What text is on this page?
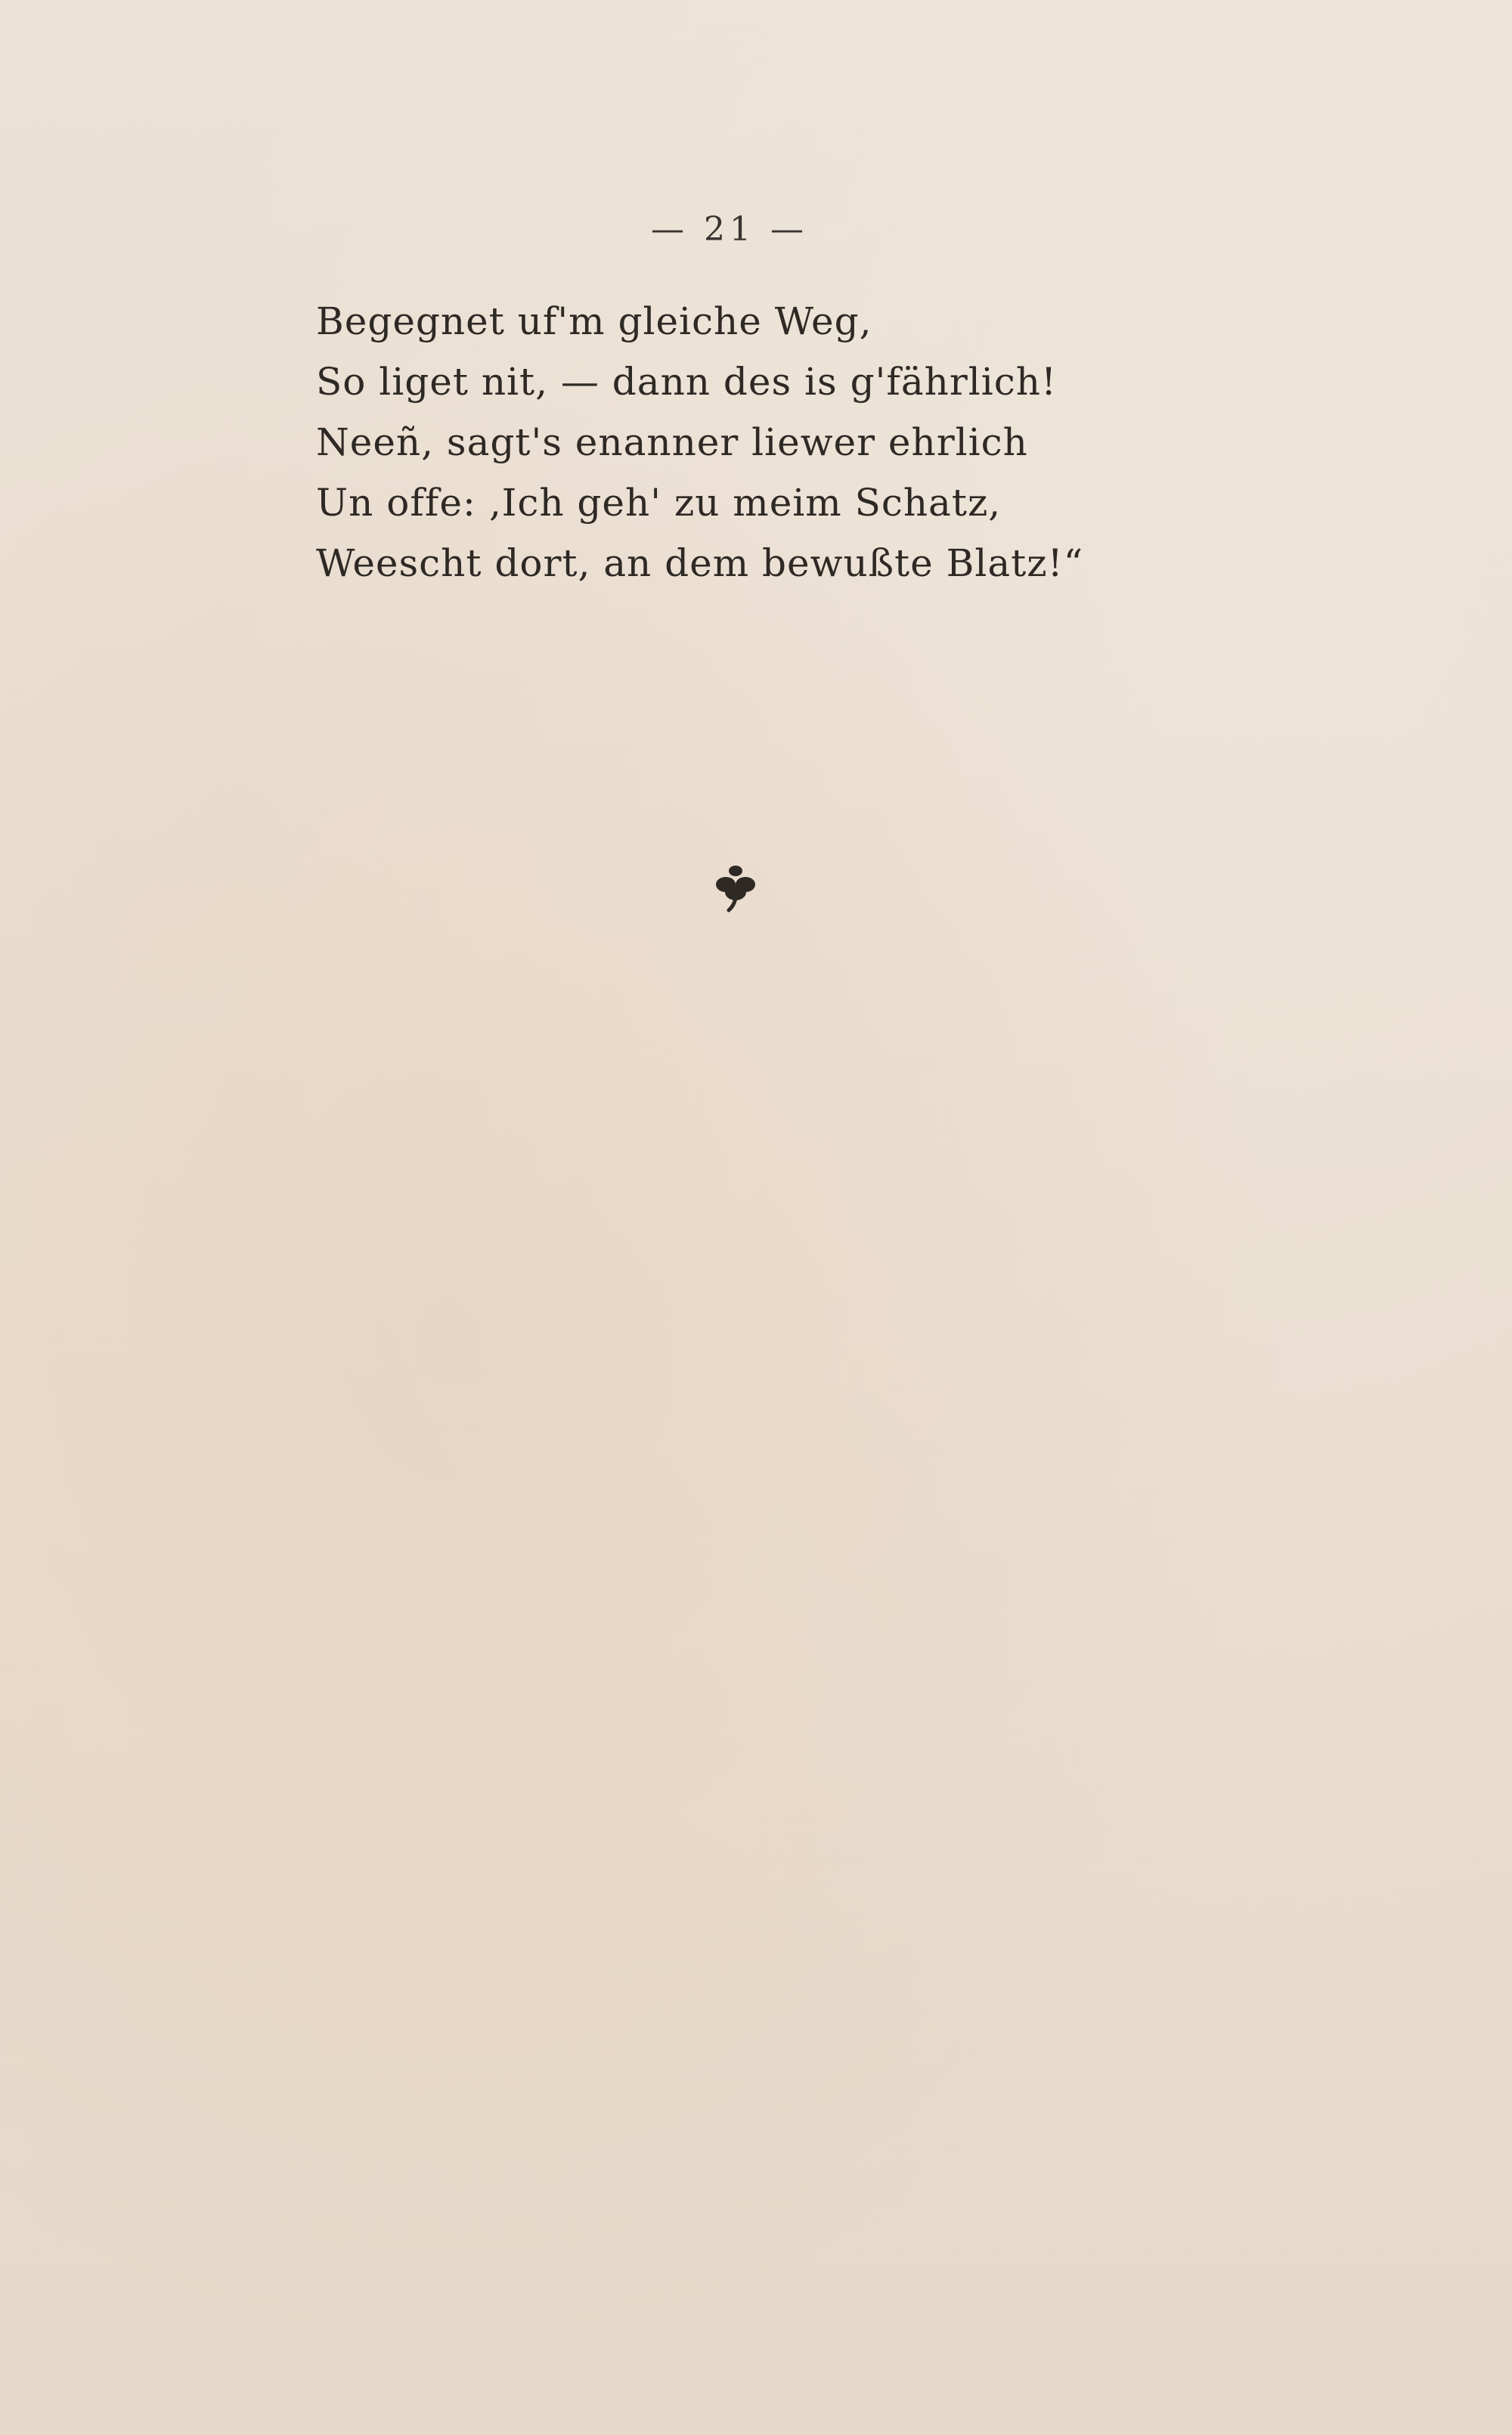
— 21 —
Begegnet uf'm gleiche Weg,
So liget nit, — dann des is g'fährlich!
Neeñ, sagt's enanner liewer ehrlich
Un offe: ‚Ich geh' zu meim Schatz,
Weescht dort, an dem bewußte Blatz!“
